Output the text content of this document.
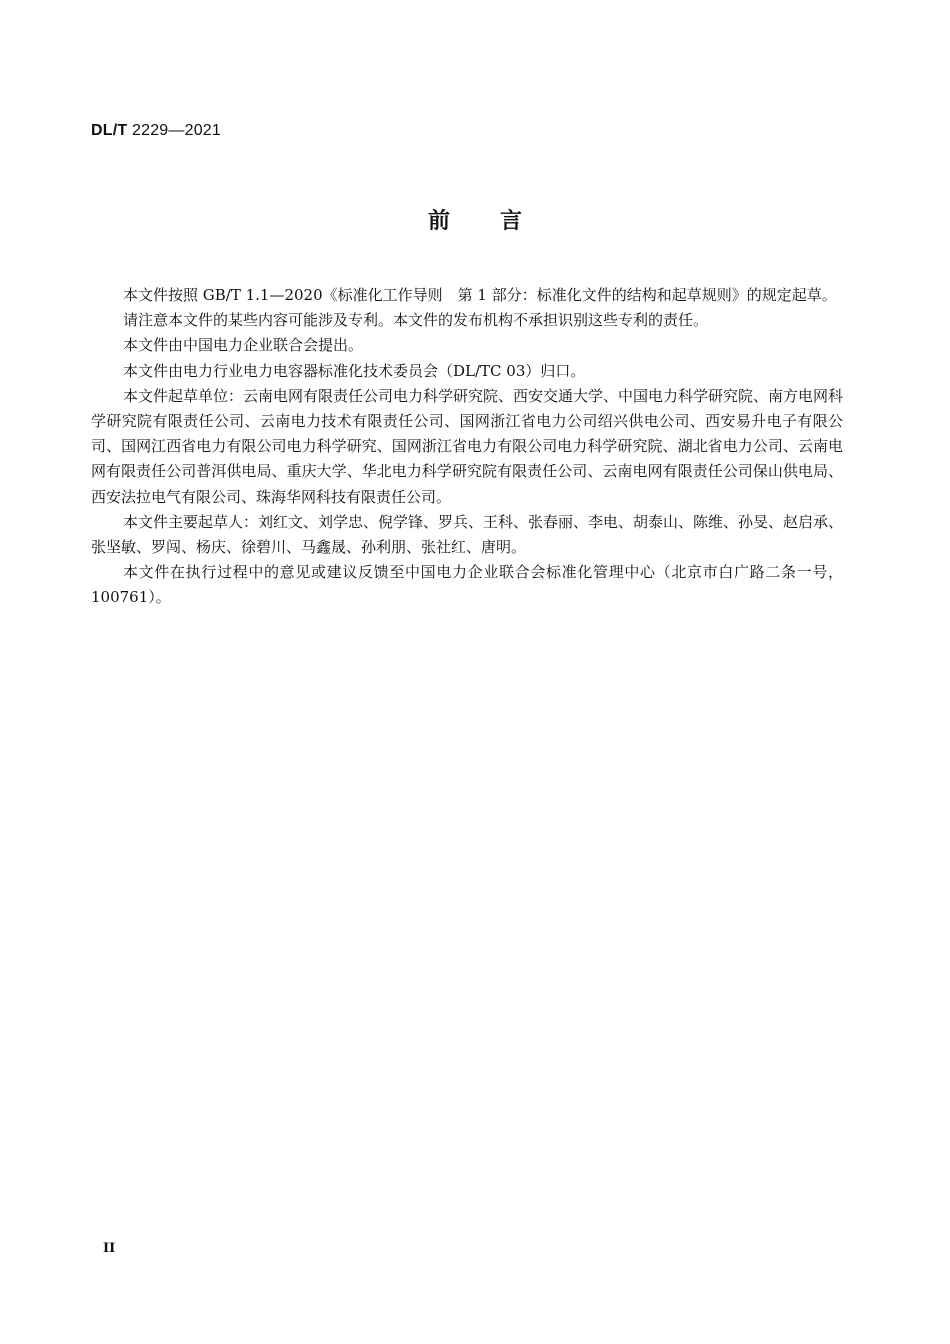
DL/T 2229—2021
前言

本文件按照 GB/T 1.1—2020《标准化工作导则　第 1 部分：标准化文件的结构和起草规则》的规定起草。

请注意本文件的某些内容可能涉及专利。本文件的发布机构不承担识别这些专利的责任。

本文件由中国电力企业联合会提出。

本文件由电力行业电力电容器标准化技术委员会（DL/TC 03）归口。

本文件起草单位：云南电网有限责任公司电力科学研究院、西安交通大学、中国电力科学研究院、南方电网科学研究院有限责任公司、云南电力技术有限责任公司、国网浙江省电力公司绍兴供电公司、西安易升电子有限公司、国网江西省电力有限公司电力科学研究、国网浙江省电力有限公司电力科学研究院、湖北省电力公司、云南电网有限责任公司普洱供电局、重庆大学、华北电力科学研究院有限责任公司、云南电网有限责任公司保山供电局、西安法拉电气有限公司、珠海华网科技有限责任公司。

本文件主要起草人：刘红文、刘学忠、倪学锋、罗兵、王科、张春丽、李电、胡泰山、陈维、孙旻、赵启承、张坚敏、罗闯、杨庆、徐碧川、马鑫晟、孙利朋、张社红、唐明。

本文件在执行过程中的意见或建议反馈至中国电力企业联合会标准化管理中心（北京市白广路二条一号，100761）。

II
